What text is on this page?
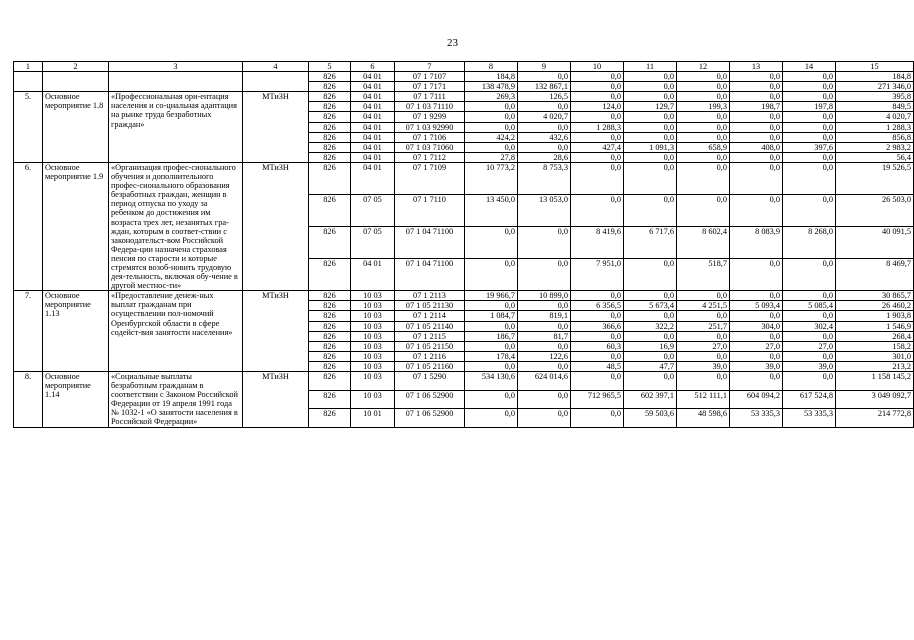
23
1	2	3	4	5	6	7	8	9	10	11	12	13	14	15
				826	04 01	07 1 7107	184,8	0,0	0,0	0,0	0,0	0,0	0,0	184,8
				826	04 01	07 1 7171	138 478,9	132 867,1	0,0	0,0	0,0	0,0	0,0	271 346,0
5.	Основное мероприятие 1.8	«Профессиональная ори-ентация населения и со-циальная адаптация на рынке труда безработных граждан»	МТиЗН	826	04 01	07 1 7111	269,3	126,5	0,0	0,0	0,0	0,0	0,0	395,8
				826	04 01	07 1 03 71110	0,0	0,0	124,0	129,7	199,3	198,7	197,8	849,5
				826	04 01	07 1 9299	0,0	4 020,7	0,0	0,0	0,0	0,0	0,0	4 020,7
				826	04 01	07 1 03 92990	0,0	0,0	1 288,3	0,0	0,0	0,0	0,0	1 288,3
				826	04 01	07 1 7106	424,2	432,6	0,0	0,0	0,0	0,0	0,0	856,8
				826	04 01	07 1 03 71060	0,0	0,0	427,4	1 091,3	658,9	408,0	397,6	2 983,2
				826	04 01	07 1 7112	27,8	28,6	0,0	0,0	0,0	0,0	0,0	56,4
6.	Основное мероприятие 1.9	«Организация профес-сионального обучения и дополнительного профес-сионального образования безработных граждан, женщин в период отпуска по уходу за ребенком до достижения им возраста трех лет, незанятых гра-ждан, которым в соответ-ствии с законодательст-вом Российской Федера-ции назначена страховая пенсия по старости и которые стремятся возоб-новить трудовую дея-тельность, включая обу-чение в другой местнос-ти»	МТиЗН	826	04 01	07 1 7109	10 773,2	8 753,3	0,0	0,0	0,0	0,0	0,0	19 526,5
				826	07 05	07 1 7110	13 450,0	13 053,0	0,0	0,0	0,0	0,0	0,0	26 503,0
				826	07 05	07 1 04 71100	0,0	0,0	8 419,6	6 717,6	8 602,4	8 083,9	8 268,0	40 091,5
				826	04 01	07 1 04 71100	0,0	0,0	7 951,0	0,0	518,7	0,0	0,0	8 469,7
7.	Основное мероприятие 1.13	«Предоставление денеж-ных выплат гражданам при осуществлении пол-номочий Оренбургской области в сфере содейст-вия занятости населения»	МТиЗН	826	10 03	07 1 2113	19 966,7	10 899,0	0,0	0,0	0,0	0,0	0,0	30 865,7
				826	10 03	07 1 05 21130	0,0	0,0	6 356,5	5 673,4	4 251,5	5 093,4	5 085,4	26 460,2
				826	10 03	07 1 2114	1 084,7	819,1	0,0	0,0	0,0	0,0	0,0	1 903,8
				826	10 03	07 1 05 21140	0,0	0,0	366,6	322,2	251,7	304,0	302,4	1 546,9
				826	10 03	07 1 2115	186,7	81,7	0,0	0,0	0,0	0,0	0,0	268,4
				826	10 03	07 1 05 21150	0,0	0,0	60,3	16,9	27,0	27,0	27,0	158,2
				826	10 03	07 1 2116	178,4	122,6	0,0	0,0	0,0	0,0	0,0	301,0
				826	10 03	07 1 05 21160	0,0	0,0	48,5	47,7	39,0	39,0	39,0	213,2
8.	Основное мероприятие 1.14	«Социальные выплаты безработным гражданам в соответствии с Законом Российской Федерации от 19 апреля 1991 года № 1032-1 «О занятости населения в Российской Федерации»	МТиЗН	826	10 03	07 1 5290	534 130,6	624 014,6	0,0	0,0	0,0	0,0	0,0	1 158 145,2
				826	10 03	07 1 06 52900	0,0	0,0	712 965,5	602 397,1	512 111,1	604 094,2	617 524,8	3 049 092,7
				826	10 01	07 1 06 52900	0,0	0,0	0,0	59 503,6	48 598,6	53 335,3	53 335,3	214 772,8
